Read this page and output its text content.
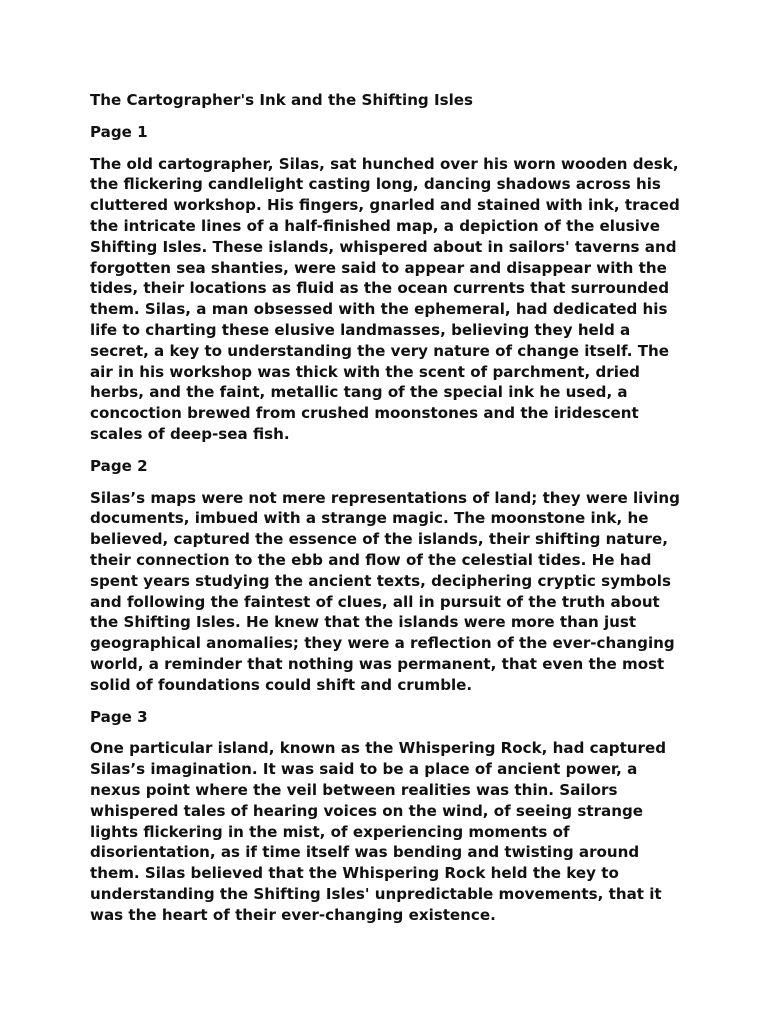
The Cartographer's Ink and the Shifting Isles

Page 1

The old cartographer, Silas, sat hunched over his worn wooden desk, the flickering candlelight casting long, dancing shadows across his cluttered workshop. His fingers, gnarled and stained with ink, traced the intricate lines of a half-finished map, a depiction of the elusive Shifting Isles. These islands, whispered about in sailors' taverns and forgotten sea shanties, were said to appear and disappear with the tides, their locations as fluid as the ocean currents that surrounded them. Silas, a man obsessed with the ephemeral, had dedicated his life to charting these elusive landmasses, believing they held a secret, a key to understanding the very nature of change itself. The air in his workshop was thick with the scent of parchment, dried herbs, and the faint, metallic tang of the special ink he used, a concoction brewed from crushed moonstones and the iridescent scales of deep-sea fish.

Page 2

Silas’s maps were not mere representations of land; they were living documents, imbued with a strange magic. The moonstone ink, he believed, captured the essence of the islands, their shifting nature, their connection to the ebb and flow of the celestial tides. He had spent years studying the ancient texts, deciphering cryptic symbols and following the faintest of clues, all in pursuit of the truth about the Shifting Isles. He knew that the islands were more than just geographical anomalies; they were a reflection of the ever-changing world, a reminder that nothing was permanent, that even the most solid of foundations could shift and crumble.

Page 3

One particular island, known as the Whispering Rock, had captured Silas’s imagination. It was said to be a place of ancient power, a nexus point where the veil between realities was thin. Sailors whispered tales of hearing voices on the wind, of seeing strange lights flickering in the mist, of experiencing moments of disorientation, as if time itself was bending and twisting around them. Silas believed that the Whispering Rock held the key to understanding the Shifting Isles' unpredictable movements, that it was the heart of their ever-changing existence.
